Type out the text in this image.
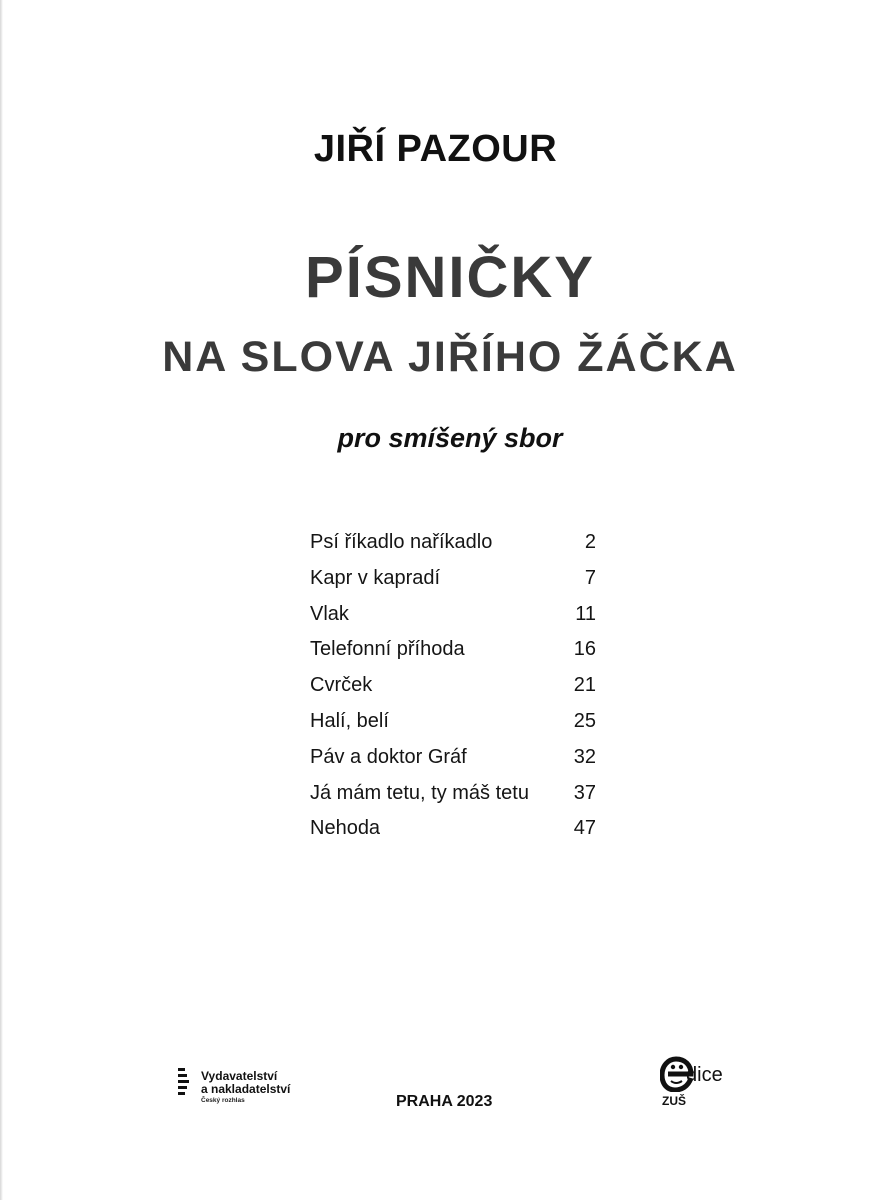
JIŘÍ PAZOUR
PÍSNIČKY
NA SLOVA JIŘÍHO ŽÁČKA
pro smíšený sbor
Psí říkadlo naříkadlo	2
Kapr v kapradí	7
Vlak	11
Telefonní příhoda	16
Cvrček	21
Halí, belí	25
Páv a doktor Gráf	32
Já mám tetu, ty máš tetu 37
Nehoda	47
Vydavatelství
a nakladatelství
Český rozhlas	PRAHA 2023
dice
ZUŠ
